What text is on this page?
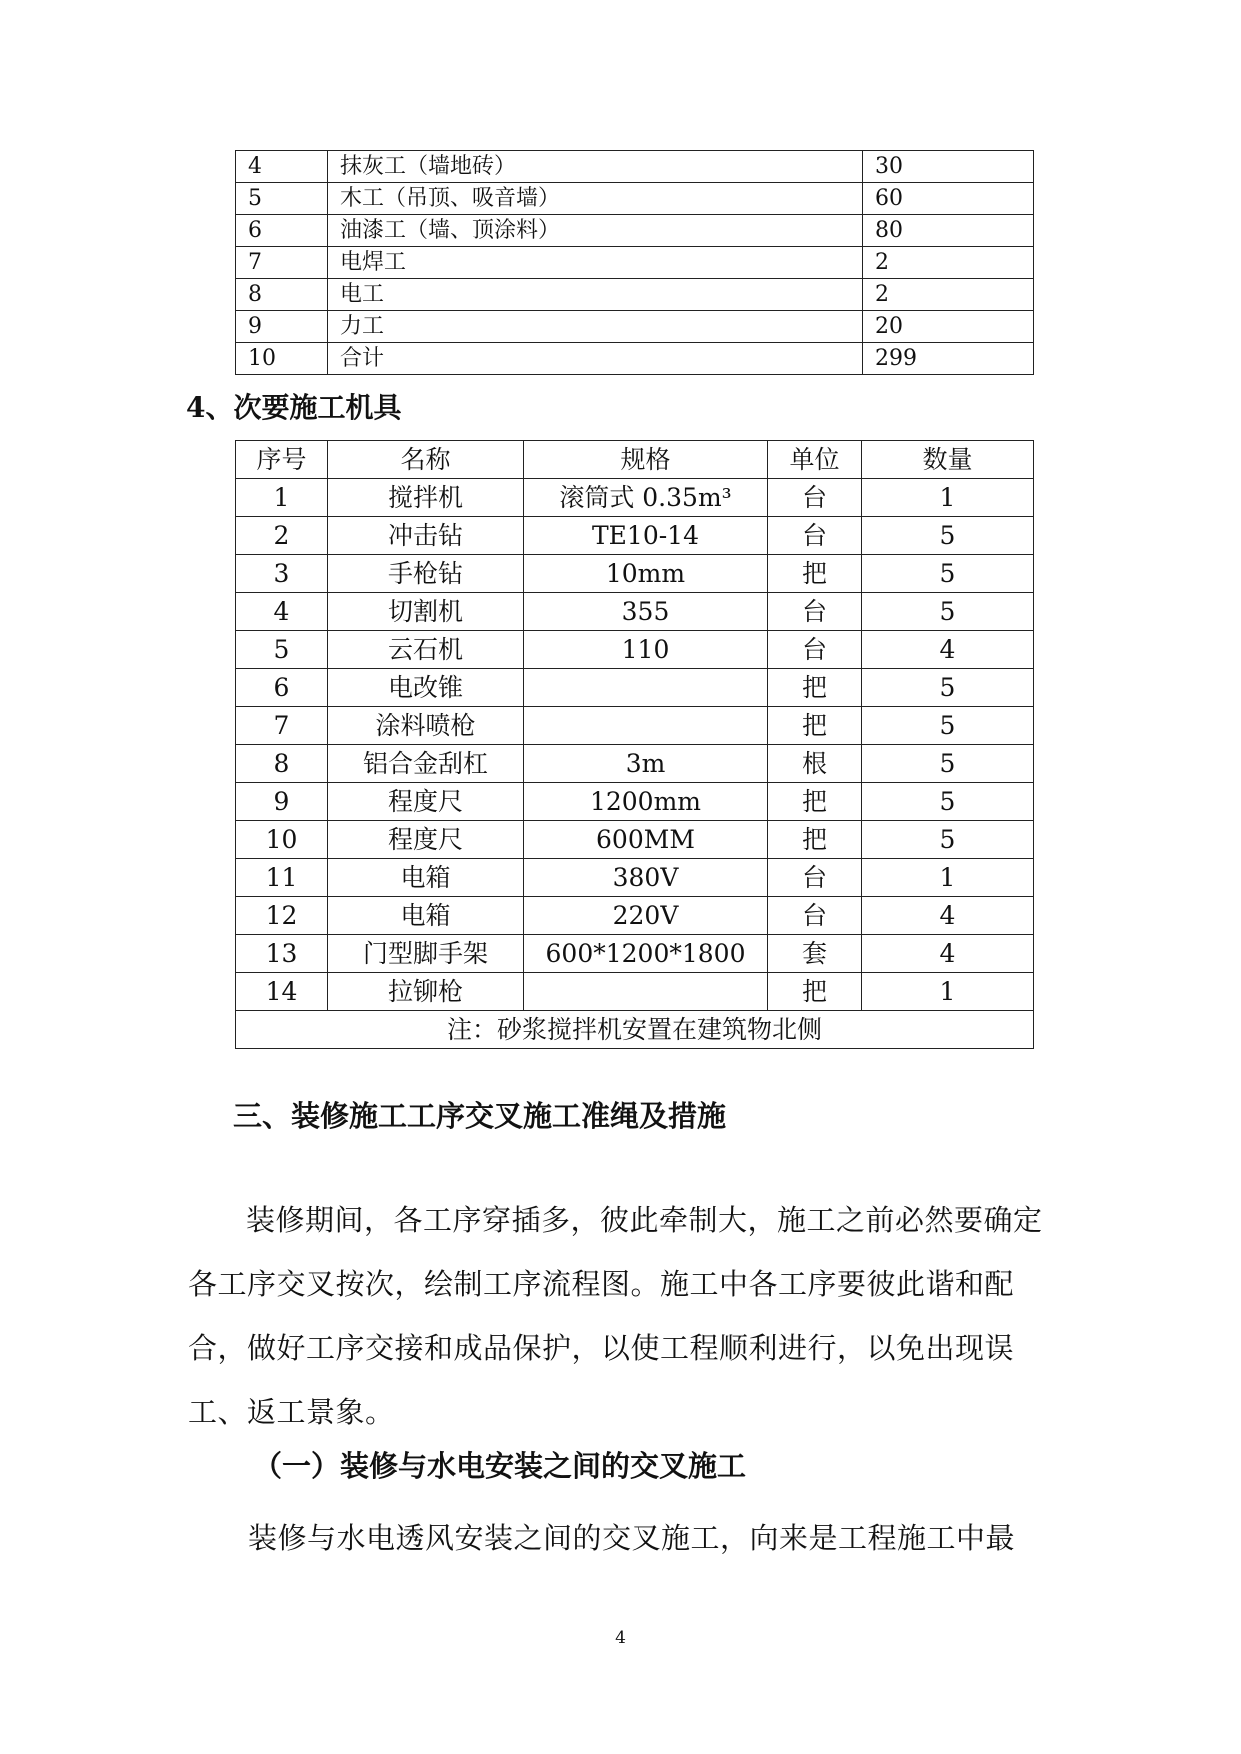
4	抹灰工（墙地砖）	30
5	木工（吊顶、吸音墙）	60
6	油漆工（墙、顶涂料）	80
7	电焊工	2
8	电工	2
9	力工	20
10	合计	299
4、次要施工机具
序号	名称	规格	单位	数量
1	搅拌机	滚筒式 0.35m³	台	1
2	冲击钻	TE10-14	台	5
3	手枪钻	10mm	把	5
4	切割机	355	台	5
5	云石机	110	台	4
6	电改锥		把	5
7	涂料喷枪		把	5
8	铝合金刮杠	3m	根	5
9	程度尺	1200mm	把	5
10	程度尺	600MM	把	5
11	电箱	380V	台	1
12	电箱	220V	台	4
13	门型脚手架	600*1200*1800	套	4
14	拉铆枪		把	1
注：砂浆搅拌机安置在建筑物北侧				
三、装修施工工序交叉施工准绳及措施

装修期间，各工序穿插多，彼此牵制大，施工之前必然要确定各工序交叉按次，绘制工序流程图。施工中各工序要彼此谐和配合，做好工序交接和成品保护，以使工程顺利进行，以免出现误工、返工景象。

（一）装修与水电安装之间的交叉施工

装修与水电透风安装之间的交叉施工，向来是工程施工中最

4
